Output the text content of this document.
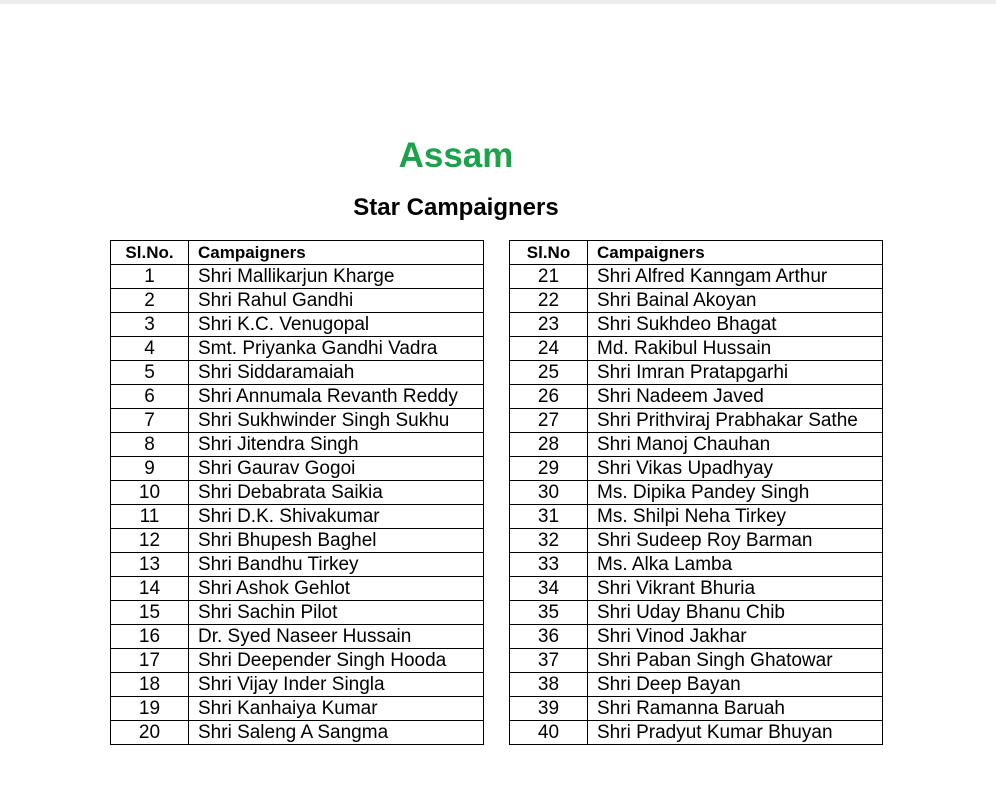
Assam
Star Campaigners
Sl.No.	Campaigners
1	Shri Mallikarjun Kharge
2	Shri Rahul Gandhi
3	Shri K.C. Venugopal
4	Smt. Priyanka Gandhi Vadra
5	Shri Siddaramaiah
6	Shri Annumala Revanth Reddy
7	Shri Sukhwinder Singh Sukhu
8	Shri Jitendra Singh
9	Shri Gaurav Gogoi
10	Shri Debabrata Saikia
11	Shri D.K. Shivakumar
12	Shri Bhupesh Baghel
13	Shri Bandhu Tirkey
14	Shri Ashok Gehlot
15	Shri Sachin Pilot
16	Dr. Syed Naseer Hussain
17	Shri Deepender Singh Hooda
18	Shri Vijay Inder Singla
19	Shri Kanhaiya Kumar
20	Shri Saleng A Sangma
Sl.No	Campaigners
21	Shri Alfred Kanngam Arthur
22	Shri Bainal Akoyan
23	Shri Sukhdeo Bhagat
24	Md. Rakibul Hussain
25	Shri Imran Pratapgarhi
26	Shri Nadeem Javed
27	Shri Prithviraj Prabhakar Sathe
28	Shri Manoj Chauhan
29	Shri Vikas Upadhyay
30	Ms. Dipika Pandey Singh
31	Ms. Shilpi Neha Tirkey
32	Shri Sudeep Roy Barman
33	Ms. Alka Lamba
34	Shri Vikrant Bhuria
35	Shri Uday Bhanu Chib
36	Shri Vinod Jakhar
37	Shri Paban Singh Ghatowar
38	Shri Deep Bayan
39	Shri Ramanna Baruah
40	Shri Pradyut Kumar Bhuyan
